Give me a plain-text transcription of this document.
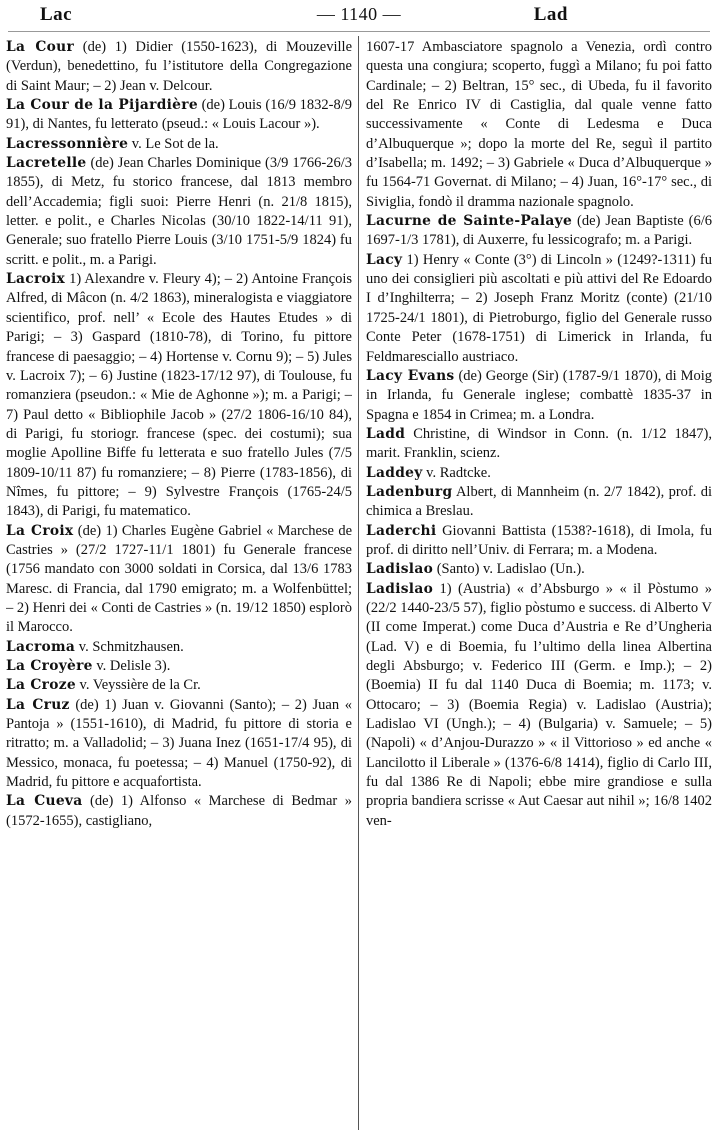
Lac	— 1140 —	Lad

La Cour (de) 1) Didier (1550-1623), di Mouzeville (Verdun), benedettino, fu l’istitutore della Congregazione di Saint Maur; – 2) Jean v. Delcour.

La Cour de la Pijardière (de) Louis (16/9 1832-8/9 91), di Nantes, fu letterato (pseud.: « Louis Lacour »).

Lacressonnière v. Le Sot de la.

Lacretelle (de) Jean Charles Dominique (3/9 1766-26/3 1855), di Metz, fu storico francese, dal 1813 membro dell’Accademia; figli suoi: Pierre Henri (n. 21/8 1815), letter. e polit., e Charles Nicolas (30/10 1822-14/11 91), Generale; suo fratello Pierre Louis (3/10 1751-5/9 1824) fu scritt. e polit., m. a Parigi.

Lacroix 1) Alexandre v. Fleury 4); – 2) Antoine François Alfred, di Mâcon (n. 4/2 1863), mineralogista e viaggiatore scientifico, prof. nell’ « Ecole des Hautes Etudes » di Parigi; – 3) Gaspard (1810-78), di Torino, fu pittore francese di paesaggio; – 4) Hortense v. Cornu 9); – 5) Jules v. Lacroix 7); – 6) Justine (1823-17/12 97), di Toulouse, fu romanziera (pseudon.: « Mie de Aghonne »); m. a Parigi; – 7) Paul detto « Bibliophile Jacob » (27/2 1806-16/10 84), di Parigi, fu storiogr. francese (spec. dei costumi); sua moglie Apolline Biffe fu letterata e suo fratello Jules (7/5 1809-10/11 87) fu romanziere; – 8) Pierre (1783-1856), di Nîmes, fu pittore; – 9) Sylvestre François (1765-24/5 1843), di Parigi, fu matematico.

La Croix (de) 1) Charles Eugène Gabriel « Marchese de Castries » (27/2 1727-11/1 1801) fu Generale francese (1756 mandato con 3000 soldati in Corsica, dal 13/6 1783 Maresc. di Francia, dal 1790 emigrato; m. a Wolfenbüttel; – 2) Henri dei « Conti de Castries » (n. 19/12 1850) esplorò il Marocco.

Lacroma v. Schmitzhausen.

La Croyère v. Delisle 3).

La Croze v. Veyssière de la Cr.

La Cruz (de) 1) Juan v. Giovanni (Santo); – 2) Juan « Pantoja » (1551-1610), di Madrid, fu pittore di storia e ritratto; m. a Valladolid; – 3) Juana Inez (1651-17/4 95), di Messico, monaca, fu poetessa; – 4) Manuel (1750-92), di Madrid, fu pittore e acquafortista.

La Cueva (de) 1) Alfonso « Marchese di Bedmar » (1572-1655), castigliano,

1607-17 Ambasciatore spagnolo a Venezia, ordì contro questa una congiura; scoperto, fuggì a Milano; fu poi fatto Cardinale; – 2) Beltran, 15° sec., di Ubeda, fu il favorito del Re Enrico IV di Castiglia, dal quale venne fatto successivamente « Conte di Ledesma e Duca d’Albuquerque »; dopo la morte del Re, seguì il partito d’Isabella; m. 1492; – 3) Gabriele « Duca d’Albuquerque » fu 1564-71 Governat. di Milano; – 4) Juan, 16°-17° sec., di Siviglia, fondò il dramma nazionale spagnolo.

Lacurne de Sainte-Palaye (de) Jean Baptiste (6/6 1697-1/3 1781), di Auxerre, fu lessicografo; m. a Parigi.

Lacy 1) Henry « Conte (3°) di Lincoln » (1249?-1311) fu uno dei consiglieri più ascoltati e più attivi del Re Edoardo I d’Inghilterra; – 2) Joseph Franz Moritz (conte) (21/10 1725-24/1 1801), di Pietroburgo, figlio del Generale russo Conte Peter (1678-1751) di Limerick in Irlanda, fu Feldmaresciallo austriaco.

Lacy Evans (de) George (Sir) (1787-9/1 1870), di Moig in Irlanda, fu Generale inglese; combattè 1835-37 in Spagna e 1854 in Crimea; m. a Londra.

Ladd Christine, di Windsor in Conn. (n. 1/12 1847), marit. Franklin, scienz.

Laddey v. Radtcke.

Ladenburg Albert, di Mannheim (n. 2/7 1842), prof. di chimica a Breslau.

Laderchi Giovanni Battista (1538?-1618), di Imola, fu prof. di diritto nell’Univ. di Ferrara; m. a Modena.

Ladislao (Santo) v. Ladislao (Un.).

Ladislao 1) (Austria) « d’Absburgo » « il Pòstumo » (22/2 1440-23/5 57), figlio pòstumo e success. di Alberto V (II come Imperat.) come Duca d’Austria e Re d’Ungheria (Lad. V) e di Boemia, fu l’ultimo della linea Albertina degli Absburgo; v. Federico III (Germ. e Imp.); – 2) (Boemia) II fu dal 1140 Duca di Boemia; m. 1173; v. Ottocaro; – 3) (Boemia Regia) v. Ladislao (Austria); Ladislao VI (Ungh.); – 4) (Bulgaria) v. Samuele; – 5) (Napoli) « d’Anjou-Durazzo » « il Vittorioso » ed anche « Lancilotto il Liberale » (1376-6/8 1414), figlio di Carlo III, fu dal 1386 Re di Napoli; ebbe mire grandiose e sulla propria bandiera scrisse « Aut Caesar aut nihil »; 16/8 1402 ven-
